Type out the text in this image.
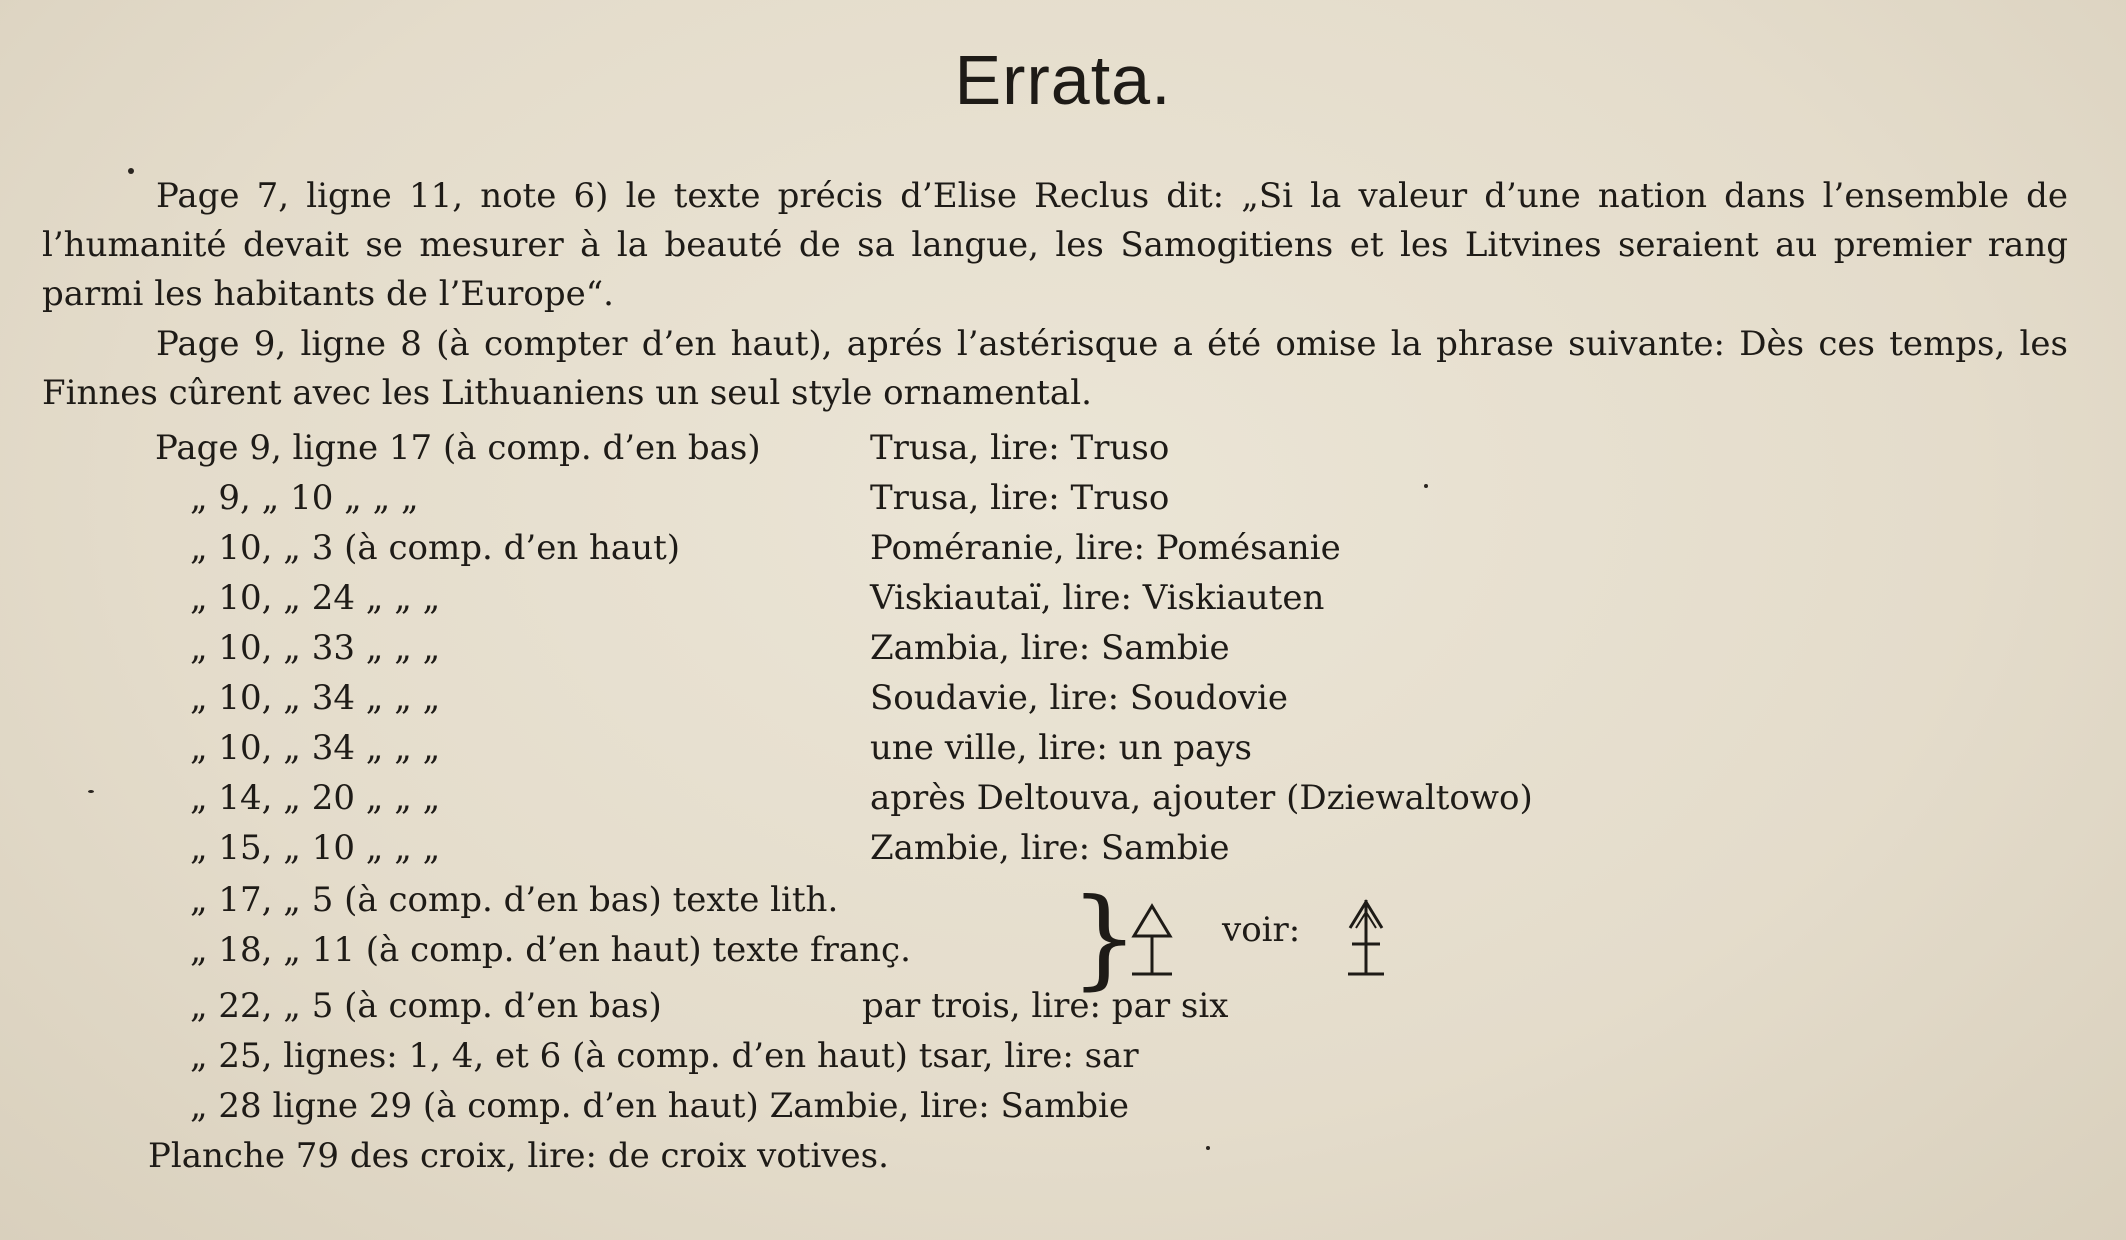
Errata.
Page 7, ligne 11, note 6) le texte précis d’Elise Reclus dit: „Si la valeur d’une nation dans l’ensemble de l’humanité devait se mesurer à la beauté de sa langue, les Samogitiens et les Litvines seraient au premier rang parmi les habitants de l’Europe“.
Page 9, ligne 8 (à compter d’en haut), aprés l’astérisque a été omise la phrase suivante: Dès ces temps, les Finnes cûrent avec les Lithuaniens un seul style ornamental.
Page 9, ligne 17 (à comp. d’en bas)	Trusa, lire: Truso
„ 9, „ 10 „ „ „	Trusa, lire: Truso
„ 10, „ 3 (à comp. d’en haut)	Poméranie, lire: Pomésanie
„ 10, „ 24 „ „ „	Viskiautaï, lire: Viskiauten
„ 10, „ 33 „ „ „	Zambia, lire: Sambie
„ 10, „ 34 „ „ „	Soudavie, lire: Soudovie
„ 10, „ 34 „ „ „	une ville, lire: un pays
„ 14, „ 20 „ „ „	après Deltouva, ajouter (Dziewaltowo)
„ 15, „ 10 „ „ „	Zambie, lire: Sambie
„ 17, „ 5 (à comp. d’en bas) texte lith.
„ 18, „ 11 (à comp. d’en haut) texte franç. } voir:
„ 22, „ 5 (à comp. d’en bas)	par trois, lire: par six
„ 25, lignes: 1, 4, et 6 (à comp. d’en haut) tsar, lire: sar
„ 28 ligne 29 (à comp. d’en haut) Zambie, lire: Sambie
Planche 79 des croix, lire: de croix votives.
